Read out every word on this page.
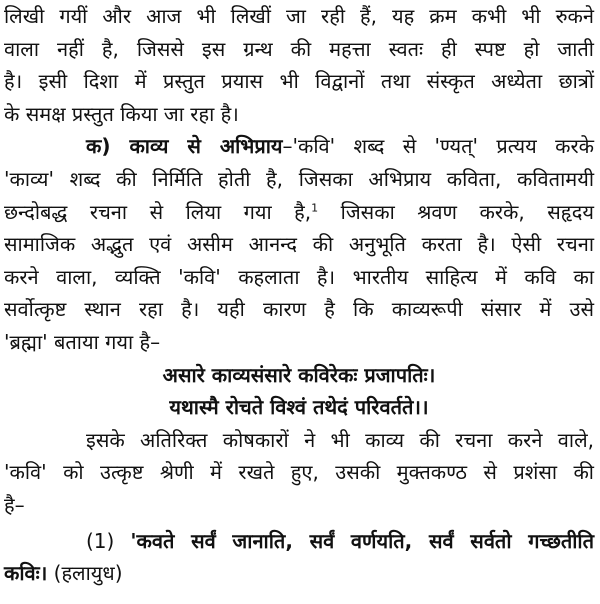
लिखी गयीं और आज भी लिखीं जा रही हैं, यह क्रम कभी भी रुकने
वाला नहीं है, जिससे इस ग्रन्थ की महत्ता स्वतः ही स्पष्ट हो जाती
है। इसी दिशा में प्रस्तुत प्रयास भी विद्वानों तथा संस्कृत अध्येता छात्रों
के समक्ष प्रस्तुत किया जा रहा है।
क) काव्य से अभिप्राय–'कवि' शब्द से 'ण्यत्' प्रत्यय करके
'काव्य' शब्द की निर्मिति होती है, जिसका अभिप्राय कविता, कवितामयी
छन्दोबद्ध रचना से लिया गया है,$^1$ जिसका श्रवण करके, सहृदय
सामाजिक अद्भुत एवं असीम आनन्द की अनुभूति करता है। ऐसी रचना
करने वाला, व्यक्ति 'कवि' कहलाता है। भारतीय साहित्य में कवि का
सर्वोत्कृष्ट स्थान रहा है। यही कारण है कि काव्यरूपी संसार में उसे
'ब्रह्मा' बताया गया है–
असारे काव्यसंसारे कविरेकः प्रजापतिः।
यथास्मै रोचते विश्वं तथेदं परिवर्तते।।
इसके अतिरिक्त कोषकारों ने भी काव्य की रचना करने वाले,
'कवि' को उत्कृष्ट श्रेणी में रखते हुए, उसकी मुक्तकण्ठ से प्रशंसा की
है–
(1) 'कवते सर्वं जानाति, सर्वं वर्णयति, सर्वं सर्वतो गच्छतीति
कविः। (हलायुध)
